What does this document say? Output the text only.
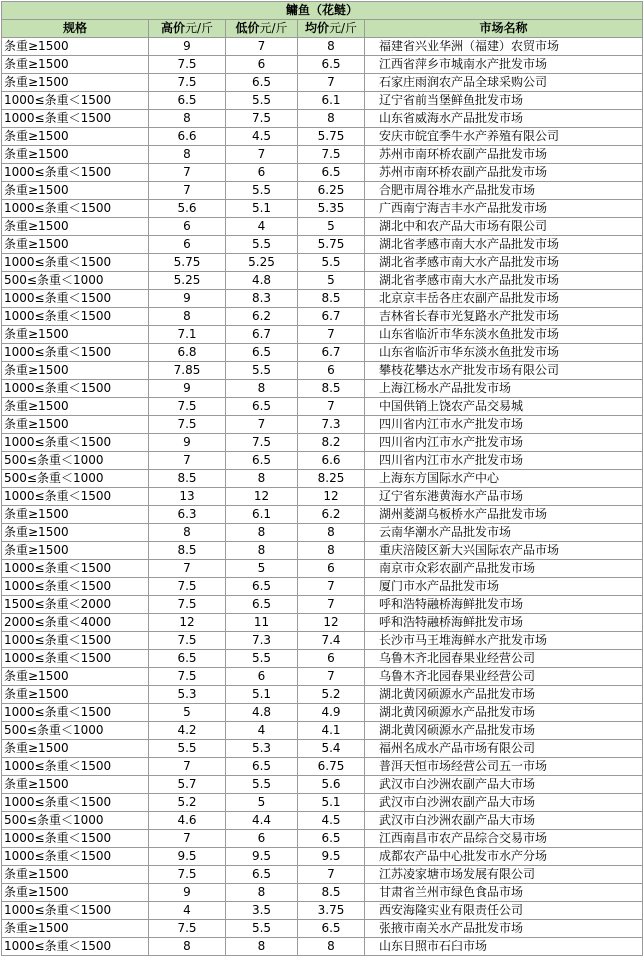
鳙鱼（花鲢）				
规格	高价元/斤	低价元/斤	均价元/斤	市场名称
条重≥1500	9	7	8	福建省兴业华洲（福建）农贸市场
条重≥1500	7.5	6	6.5	江西省萍乡市城南水产批发市场
条重≥1500	7.5	6.5	7	石家庄雨润农产品全球采购公司
1000≤条重＜1500	6.5	5.5	6.1	辽宁省前当堡鲜鱼批发市场
1000≤条重＜1500	8	7.5	8	山东省威海水产品批发市场
条重≥1500	6.6	4.5	5.75	安庆市皖宜季牛水产养殖有限公司
条重≥1500	8	7	7.5	苏州市南环桥农副产品批发市场
1000≤条重＜1500	7	6	6.5	苏州市南环桥农副产品批发市场
条重≥1500	7	5.5	6.25	合肥市周谷堆水产品批发市场
1000≤条重＜1500	5.6	5.1	5.35	广西南宁海吉丰水产品批发市场
条重≥1500	6	4	5	湖北中和农产品大市场有限公司
条重≥1500	6	5.5	5.75	湖北省孝感市南大水产品批发市场
1000≤条重＜1500	5.75	5.25	5.5	湖北省孝感市南大水产品批发市场
500≤条重＜1000	5.25	4.8	5	湖北省孝感市南大水产品批发市场
1000≤条重＜1500	9	8.3	8.5	北京京丰岳各庄农副产品批发市场
1000≤条重＜1500	8	6.2	6.7	吉林省长春市光复路水产批发市场
条重≥1500	7.1	6.7	7	山东省临沂市华东淡水鱼批发市场
1000≤条重＜1500	6.8	6.5	6.7	山东省临沂市华东淡水鱼批发市场
条重≥1500	7.85	5.5	6	攀枝花攀达水产批发市场有限公司
1000≤条重＜1500	9	8	8.5	上海江杨水产品批发市场
条重≥1500	7.5	6.5	7	中国供销上饶农产品交易城
条重≥1500	7.5	7	7.3	四川省内江市水产批发市场
1000≤条重＜1500	9	7.5	8.2	四川省内江市水产批发市场
500≤条重＜1000	7	6.5	6.6	四川省内江市水产批发市场
500≤条重＜1000	8.5	8	8.25	上海东方国际水产中心
1000≤条重＜1500	13	12	12	辽宁省东港黄海水产品市场
条重≥1500	6.3	6.1	6.2	湖州菱湖乌板桥水产品批发市场
条重≥1500	8	8	8	云南华潮水产品批发市场
条重≥1500	8.5	8	8	重庆涪陵区新大兴国际农产品市场
1000≤条重＜1500	7	5	6	南京市众彩农副产品批发市场
1000≤条重＜1500	7.5	6.5	7	厦门市水产品批发市场
1500≤条重＜2000	7.5	6.5	7	呼和浩特融桥海鲜批发市场
2000≤条重＜4000	12	11	12	呼和浩特融桥海鲜批发市场
1000≤条重＜1500	7.5	7.3	7.4	长沙市马王堆海鲜水产批发市场
1000≤条重＜1500	6.5	5.5	6	乌鲁木齐北园春果业经营公司
条重≥1500	7.5	6	7	乌鲁木齐北园春果业经营公司
条重≥1500	5.3	5.1	5.2	湖北黄冈硕源水产品批发市场
1000≤条重＜1500	5	4.8	4.9	湖北黄冈硕源水产品批发市场
500≤条重＜1000	4.2	4	4.1	湖北黄冈硕源水产品批发市场
条重≥1500	5.5	5.3	5.4	福州名成水产品市场有限公司
1000≤条重＜1500	7	6.5	6.75	普洱天恒市场经营公司五一市场
条重≥1500	5.7	5.5	5.6	武汉市白沙洲农副产品大市场
1000≤条重＜1500	5.2	5	5.1	武汉市白沙洲农副产品大市场
500≤条重＜1000	4.6	4.4	4.5	武汉市白沙洲农副产品大市场
1000≤条重＜1500	7	6	6.5	江西南昌市农产品综合交易市场
1000≤条重＜1500	9.5	9.5	9.5	成都农产品中心批发市水产分场
条重≥1500	7.5	6.5	7	江苏凌家塘市场发展有限公司
条重≥1500	9	8	8.5	甘肃省兰州市绿色食品市场
1000≤条重＜1500	4	3.5	3.75	西安海隆实业有限责任公司
条重≥1500	7.5	5.5	6.5	张掖市南关水产品批发市场
1000≤条重＜1500	8	8	8	山东日照市石臼市场
